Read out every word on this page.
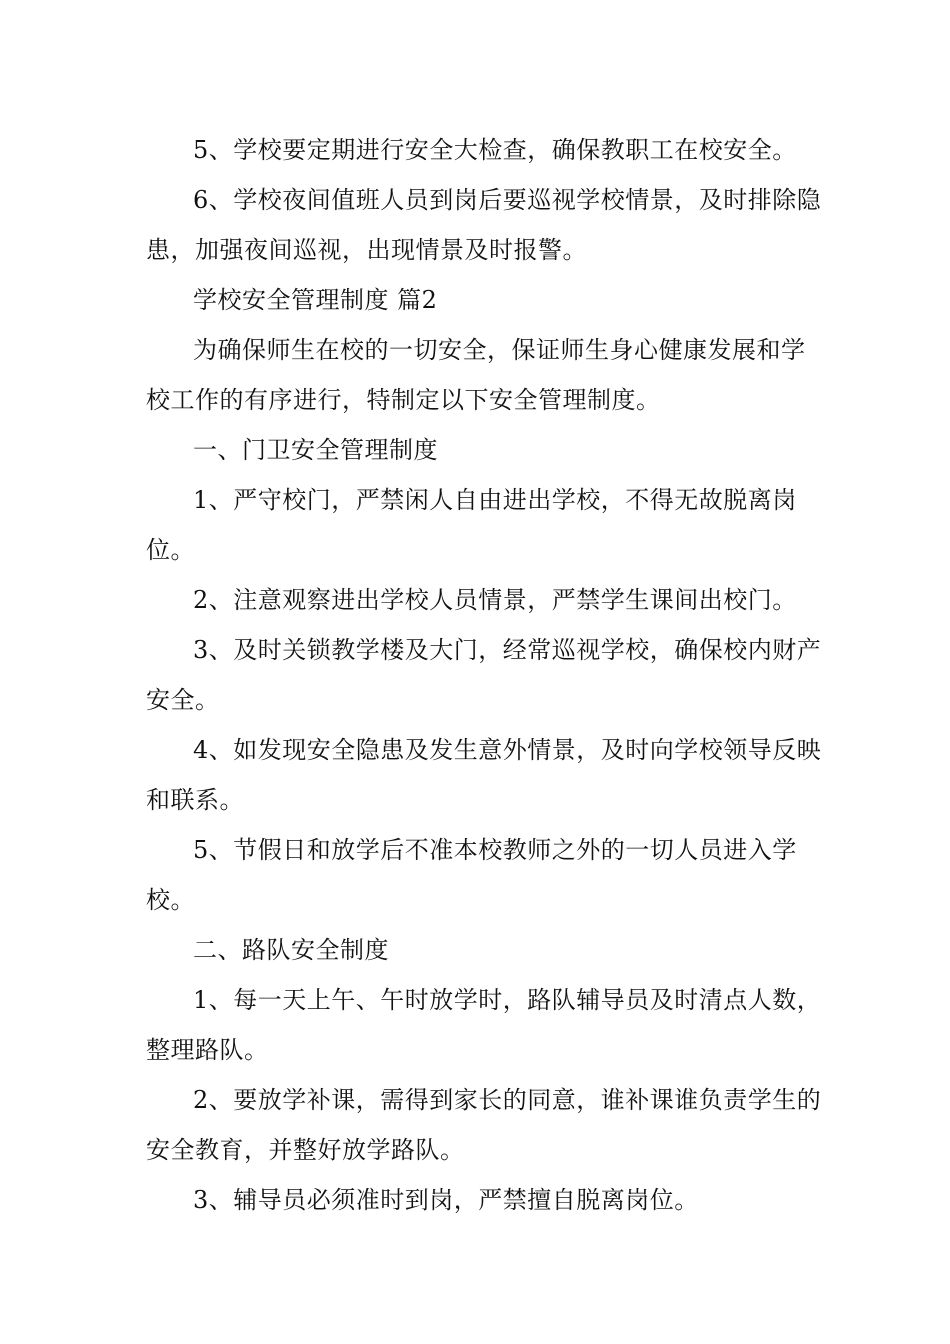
5、学校要定期进行安全大检查，确保教职工在校安全。
6、学校夜间值班人员到岗后要巡视学校情景，及时排除隐
患，加强夜间巡视，出现情景及时报警。
学校安全管理制度 篇2
为确保师生在校的一切安全，保证师生身心健康发展和学
校工作的有序进行，特制定以下安全管理制度。
一、门卫安全管理制度
1、严守校门，严禁闲人自由进出学校，不得无故脱离岗
位。
2、注意观察进出学校人员情景，严禁学生课间出校门。
3、及时关锁教学楼及大门，经常巡视学校，确保校内财产
安全。
4、如发现安全隐患及发生意外情景，及时向学校领导反映
和联系。
5、节假日和放学后不准本校教师之外的一切人员进入学
校。
二、路队安全制度
1、每一天上午、午时放学时，路队辅导员及时清点人数，
整理路队。
2、要放学补课，需得到家长的同意，谁补课谁负责学生的
安全教育，并整好放学路队。
3、辅导员必须准时到岗，严禁擅自脱离岗位。
